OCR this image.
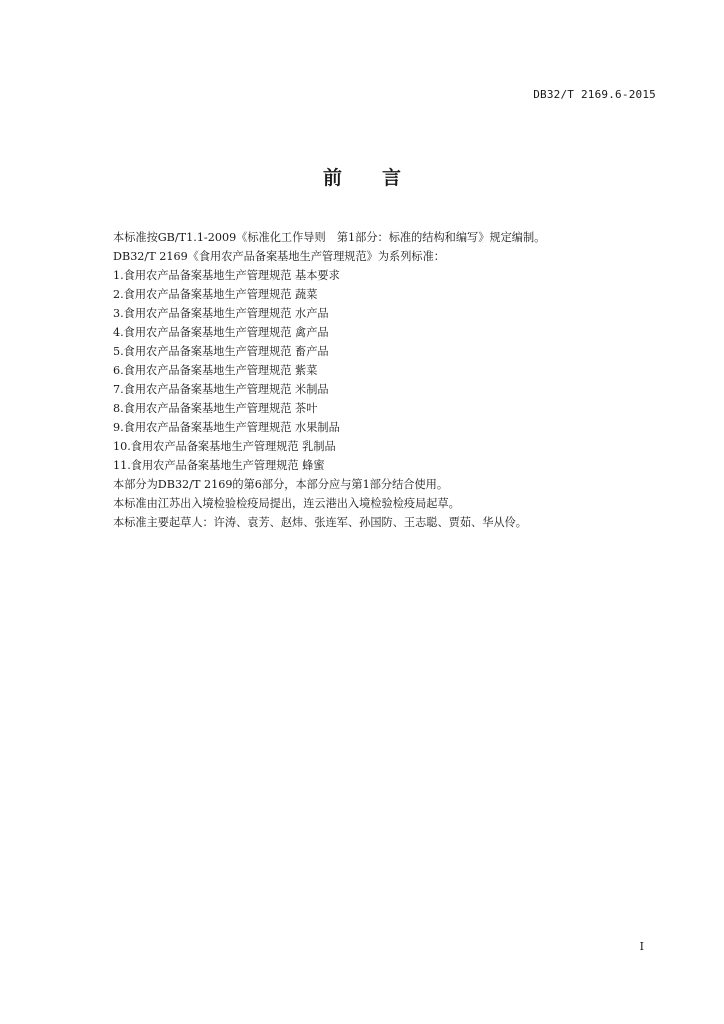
DB32/T 2169.6-2015
前言
本标准按GB/T1.1-2009《标准化工作导则　第1部分：标准的结构和编写》规定编制。
DB32/T 2169《食用农产品备案基地生产管理规范》为系列标准：
1.食用农产品备案基地生产管理规范 基本要求
2.食用农产品备案基地生产管理规范 蔬菜
3.食用农产品备案基地生产管理规范 水产品
4.食用农产品备案基地生产管理规范 禽产品
5.食用农产品备案基地生产管理规范 畜产品
6.食用农产品备案基地生产管理规范 紫菜
7.食用农产品备案基地生产管理规范 米制品
8.食用农产品备案基地生产管理规范 茶叶
9.食用农产品备案基地生产管理规范 水果制品
10.食用农产品备案基地生产管理规范 乳制品
11.食用农产品备案基地生产管理规范 蜂蜜
本部分为DB32/T 2169的第6部分，本部分应与第1部分结合使用。
本标准由江苏出入境检验检疫局提出，连云港出入境检验检疫局起草。
本标准主要起草人：许涛、袁芳、赵炜、张连军、孙国防、王志聪、贾茹、华从伶。
I
